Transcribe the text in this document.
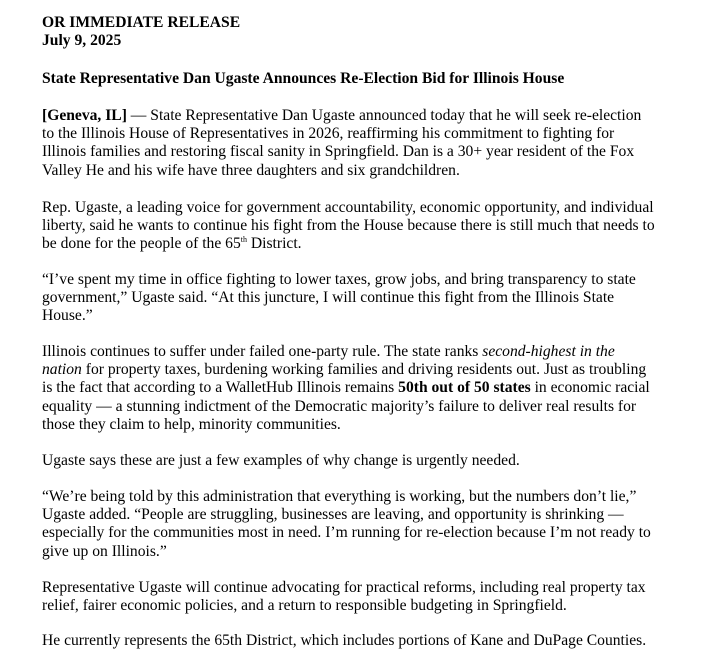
OR IMMEDIATE RELEASE
July 9, 2025
State Representative Dan Ugaste Announces Re-Election Bid for Illinois House

[Geneva, IL] — State Representative Dan Ugaste announced today that he will seek re-election to the Illinois House of Representatives in 2026, reaffirming his commitment to fighting for Illinois families and restoring fiscal sanity in Springfield. Dan is a 30+ year resident of the Fox Valley He and his wife have three daughters and six grandchildren.

Rep. Ugaste, a leading voice for government accountability, economic opportunity, and individual liberty, said he wants to continue his fight from the House because there is still much that needs to be done for the people of the 65th District.

“I’ve spent my time in office fighting to lower taxes, grow jobs, and bring transparency to state government,” Ugaste said. “At this juncture, I will continue this fight from the Illinois State House.”

Illinois continues to suffer under failed one-party rule. The state ranks second-highest in the nation for property taxes, burdening working families and driving residents out. Just as troubling is the fact that according to a WalletHub Illinois remains 50th out of 50 states in economic racial equality — a stunning indictment of the Democratic majority’s failure to deliver real results for those they claim to help, minority communities.

Ugaste says these are just a few examples of why change is urgently needed.

“We’re being told by this administration that everything is working, but the numbers don’t lie,” Ugaste added. “People are struggling, businesses are leaving, and opportunity is shrinking — especially for the communities most in need. I’m running for re-election because I’m not ready to give up on Illinois.”

Representative Ugaste will continue advocating for practical reforms, including real property tax relief, fairer economic policies, and a return to responsible budgeting in Springfield.

He currently represents the 65th District, which includes portions of Kane and DuPage Counties.
